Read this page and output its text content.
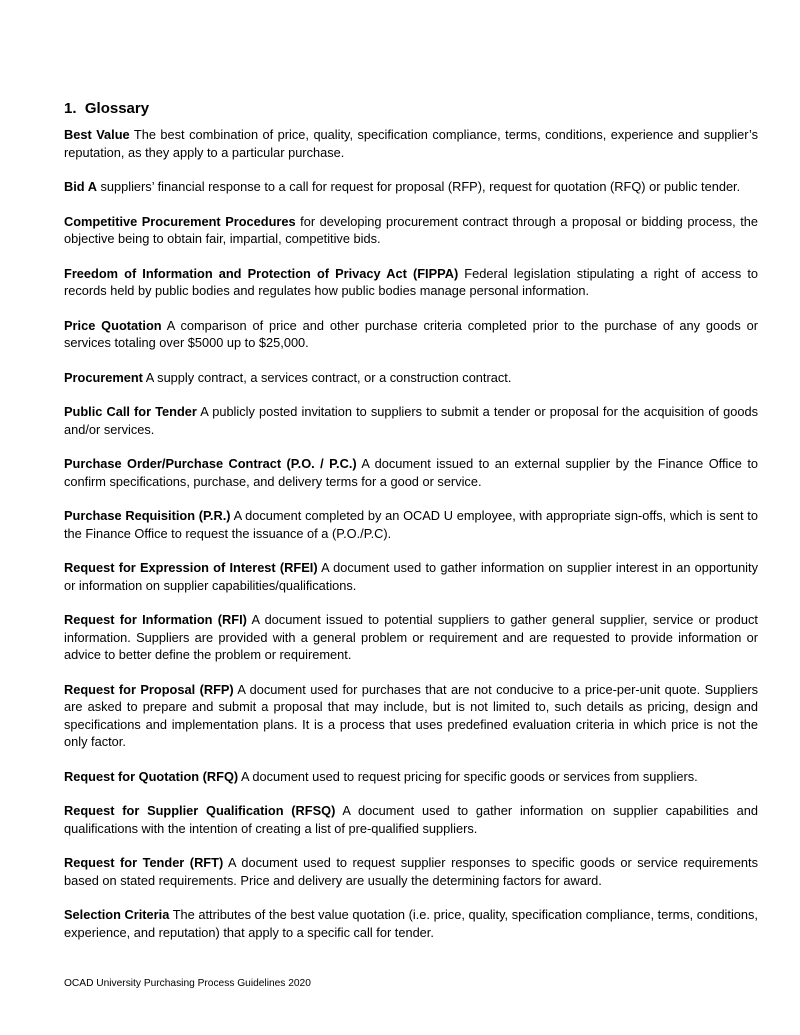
1. Glossary

Best Value The best combination of price, quality, specification compliance, terms, conditions, experience and supplier’s reputation, as they apply to a particular purchase.

Bid A suppliers’ financial response to a call for request for proposal (RFP), request for quotation (RFQ) or public tender.

Competitive Procurement Procedures for developing procurement contract through a proposal or bidding process, the objective being to obtain fair, impartial, competitive bids.

Freedom of Information and Protection of Privacy Act (FIPPA) Federal legislation stipulating a right of access to records held by public bodies and regulates how public bodies manage personal information.

Price Quotation A comparison of price and other purchase criteria completed prior to the purchase of any goods or services totaling over $5000 up to $25,000.

Procurement A supply contract, a services contract, or a construction contract.

Public Call for Tender A publicly posted invitation to suppliers to submit a tender or proposal for the acquisition of goods and/or services.

Purchase Order/Purchase Contract (P.O. / P.C.) A document issued to an external supplier by the Finance Office to confirm specifications, purchase, and delivery terms for a good or service.

Purchase Requisition (P.R.) A document completed by an OCAD U employee, with appropriate sign-offs, which is sent to the Finance Office to request the issuance of a (P.O./P.C).

Request for Expression of Interest (RFEI) A document used to gather information on supplier interest in an opportunity or information on supplier capabilities/qualifications.

Request for Information (RFI) A document issued to potential suppliers to gather general supplier, service or product information. Suppliers are provided with a general problem or requirement and are requested to provide information or advice to better define the problem or requirement.

Request for Proposal (RFP) A document used for purchases that are not conducive to a price-per-unit quote. Suppliers are asked to prepare and submit a proposal that may include, but is not limited to, such details as pricing, design and specifications and implementation plans. It is a process that uses predefined evaluation criteria in which price is not the only factor.

Request for Quotation (RFQ) A document used to request pricing for specific goods or services from suppliers.

Request for Supplier Qualification (RFSQ) A document used to gather information on supplier capabilities and qualifications with the intention of creating a list of pre-qualified suppliers.

Request for Tender (RFT) A document used to request supplier responses to specific goods or service requirements based on stated requirements. Price and delivery are usually the determining factors for award.

Selection Criteria The attributes of the best value quotation (i.e. price, quality, specification compliance, terms, conditions, experience, and reputation) that apply to a specific call for tender.

OCAD University Purchasing Process Guidelines 2020
